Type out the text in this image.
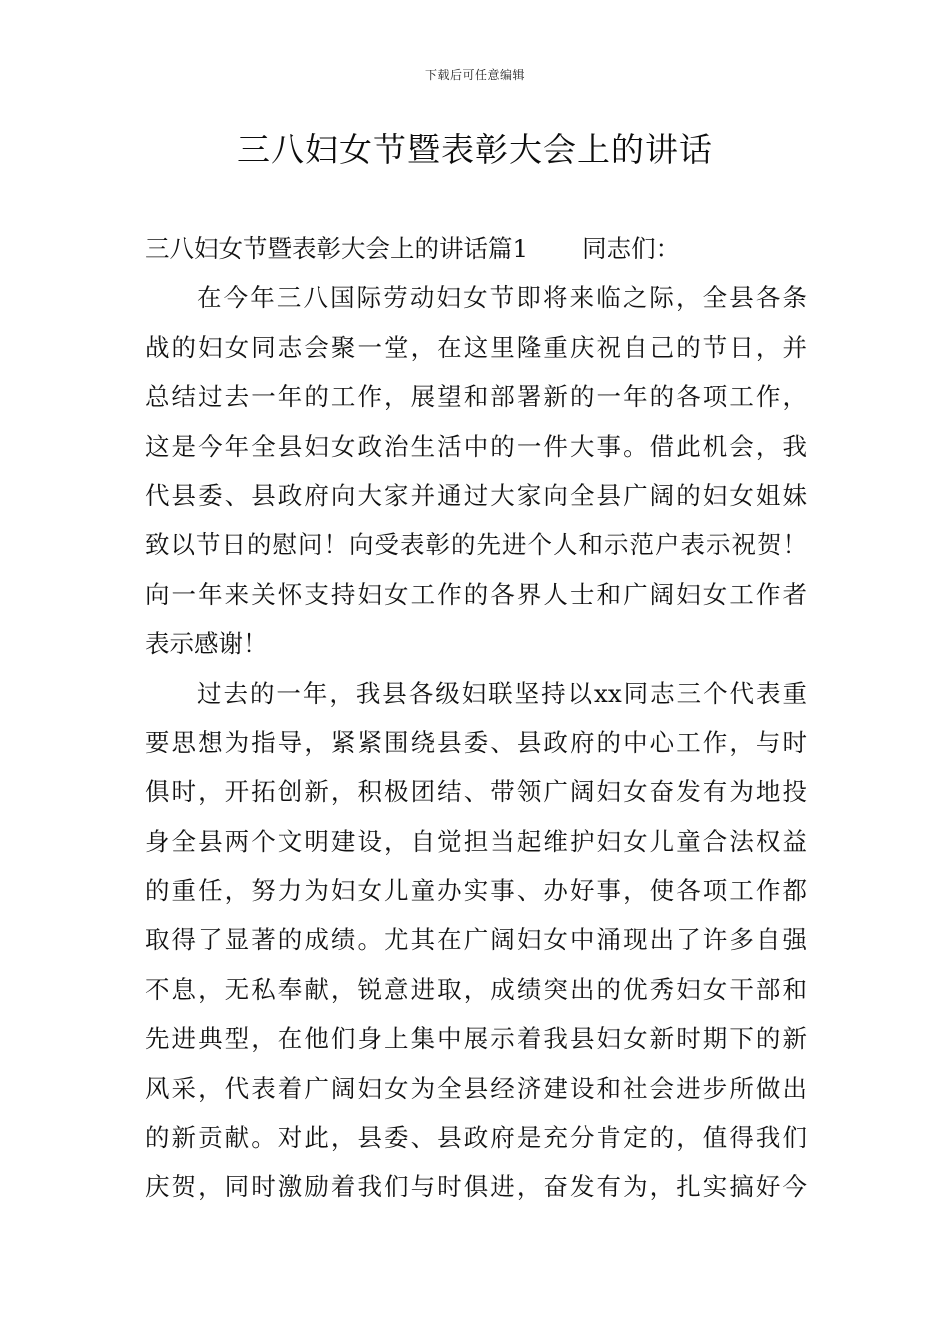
下载后可任意编辑
三八妇女节暨表彰大会上的讲话
三八妇女节暨表彰大会上的讲话篇1 同志们：
在今年三八国际劳动妇女节即将来临之际，全县各条
战的妇女同志会聚一堂，在这里隆重庆祝自己的节日，并
总结过去一年的工作，展望和部署新的一年的各项工作，
这是今年全县妇女政治生活中的一件大事。借此机会，我
代县委、县政府向大家并通过大家向全县广阔的妇女姐妹
致以节日的慰问！向受表彰的先进个人和示范户表示祝贺！
向一年来关怀支持妇女工作的各界人士和广阔妇女工作者
表示感谢！
过去的一年，我县各级妇联坚持以xx同志三个代表重
要思想为指导，紧紧围绕县委、县政府的中心工作，与时
俱时，开拓创新，积极团结、带领广阔妇女奋发有为地投
身全县两个文明建设，自觉担当起维护妇女儿童合法权益
的重任，努力为妇女儿童办实事、办好事，使各项工作都
取得了显著的成绩。尤其在广阔妇女中涌现出了许多自强
不息，无私奉献，锐意进取，成绩突出的优秀妇女干部和
先进典型，在他们身上集中展示着我县妇女新时期下的新
风采，代表着广阔妇女为全县经济建设和社会进步所做出
的新贡献。对此，县委、县政府是充分肯定的，值得我们
庆贺，同时激励着我们与时俱进，奋发有为，扎实搞好今
